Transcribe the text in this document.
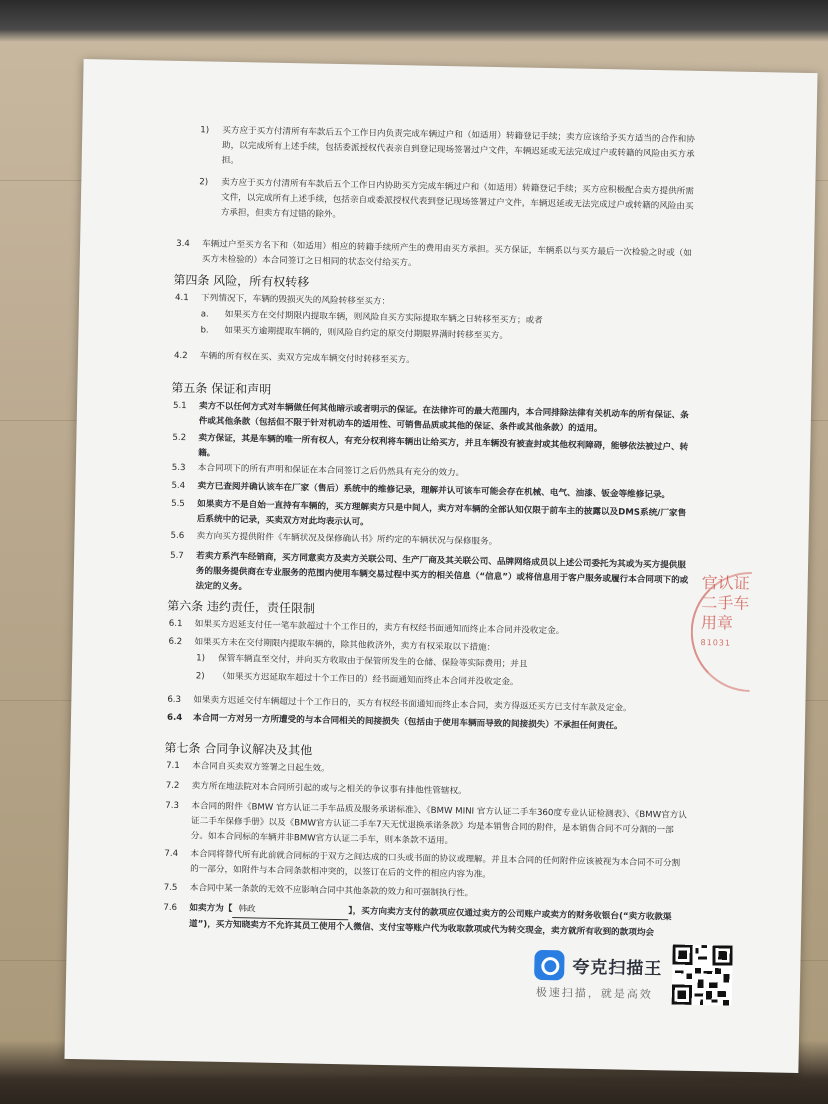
1)	买方应于买方付清所有车款后五个工作日内负责完成车辆过户和（如适用）转籍登记手续；卖方应该给予买方适当的合作和协助，以完成所有上述手续，包括委派授权代表亲自到登记现场签署过户文件，车辆迟延或无法完成过户或转籍的风险由买方承担。
2)	卖方应于买方付清所有车款后五个工作日内协助买方完成车辆过户和（如适用）转籍登记手续；买方应积极配合卖方提供所需文件，以完成所有上述手续，包括亲自或委派授权代表到登记现场签署过户文件，车辆迟延或无法完成过户或转籍的风险由买方承担，但卖方有过错的除外。
3.4	车辆过户至买方名下和（如适用）相应的转籍手续所产生的费用由买方承担。买方保证，车辆系以与买方最后一次检验之时或（如买方未检验的）本合同签订之日相同的状态交付给买方。
第四条 风险，所有权转移
4.1	下列情况下，车辆的毁损灭失的风险转移至买方：
a.	如果买方在交付期限内提取车辆，则风险自买方实际提取车辆之日转移至买方；或者
b.	如果买方逾期提取车辆的，则风险自约定的原交付期限界满时转移至买方。
4.2	车辆的所有权在买、卖双方完成车辆交付时转移至买方。
第五条 保证和声明
5.1	卖方不以任何方式对车辆做任何其他暗示或者明示的保证。在法律许可的最大范围内，本合同排除法律有关机动车的所有保证、条件或其他条款（包括但不限于针对机动车的适用性、可销售品质或其他的保证、条件或其他条款）的适用。
5.2	卖方保证，其是车辆的唯一所有权人，有充分权利将车辆出让给买方，并且车辆没有被查封或其他权利障碍，能够依法被过户、转籍。
5.3	本合同项下的所有声明和保证在本合同签订之后仍然具有充分的效力。
5.4	卖方已查阅并确认该车在厂家（售后）系统中的维修记录，理解并认可该车可能会存在机械、电气、油漆、钣金等维修记录。
5.5	如果卖方不是自始一直持有车辆的，买方理解卖方只是中间人，卖方对车辆的全部认知仅限于前车主的披露以及DMS系统/厂家售后系统中的记录，买卖双方对此均表示认可。
5.6	卖方向买方提供附件《车辆状况及保修确认书》所约定的车辆状况与保修服务。
5.7	若卖方系汽车经销商，买方同意卖方及卖方关联公司、生产厂商及其关联公司、品牌网络成员以上述公司委托为其或为买方提供服务的服务提供商在专业服务的范围内使用车辆交易过程中买方的相关信息（“信息”）或将信息用于客户服务或履行本合同项下的或法定的义务。
第六条 违约责任，责任限制
6.1	如果买方迟延支付任一笔车款超过十个工作日的，卖方有权经书面通知而终止本合同并没收定金。
6.2	如果买方未在交付期限内提取车辆的，除其他救济外，卖方有权采取以下措施：
1)	保管车辆直至交付，并向买方收取由于保管所发生的仓储、保险等实际费用；并且
2)	（如果买方迟延取车超过十个工作日的）经书面通知而终止本合同并没收定金。
6.3	如果卖方迟延交付车辆超过十个工作日的，买方有权经书面通知而终止本合同，卖方得返还买方已支付车款及定金。
6.4	本合同一方对另一方所遭受的与本合同相关的间接损失（包括由于使用车辆而导致的间接损失）不承担任何责任。
第七条 合同争议解决及其他
7.1	本合同自买卖双方签署之日起生效。
7.2	卖方所在地法院对本合同所引起的或与之相关的争议事有排他性管辖权。
7.3	本合同的附件《BMW 官方认证二手车品质及服务承诺标准》、《BMW MINI 官方认证二手车360度专业认证检测表》、《BMW官方认证二手车保修手册》以及《BMW官方认证二手车7天无忧退换承诺条款》均是本销售合同的附件，是本销售合同不可分割的一部分。如本合同标的车辆并非BMW官方认证二手车，则本条款不适用。
7.4	本合同将替代所有此前就合同标的于双方之间达成的口头或书面的协议或理解。并且本合同的任何附件应该被视为本合同不可分割的一部分，如附件与本合同条款相冲突的，以签订在后的文件的相应内容为准。
7.5	本合同中某一条款的无效不应影响合同中其他条款的效力和可强制执行性。
7.6	如卖方为【 韩政	】，买方向卖方支付的款项应仅通过卖方的公司账户或卖方的财务收银台(“卖方收款渠道”)，买方知晓卖方不允许其员工使用个人微信、支付宝等账户代为收取款项或代为转交现金，卖方就所有收到的款项均会
官认证二手车 用章
81031
夸克扫描王
极速扫描，就是高效
